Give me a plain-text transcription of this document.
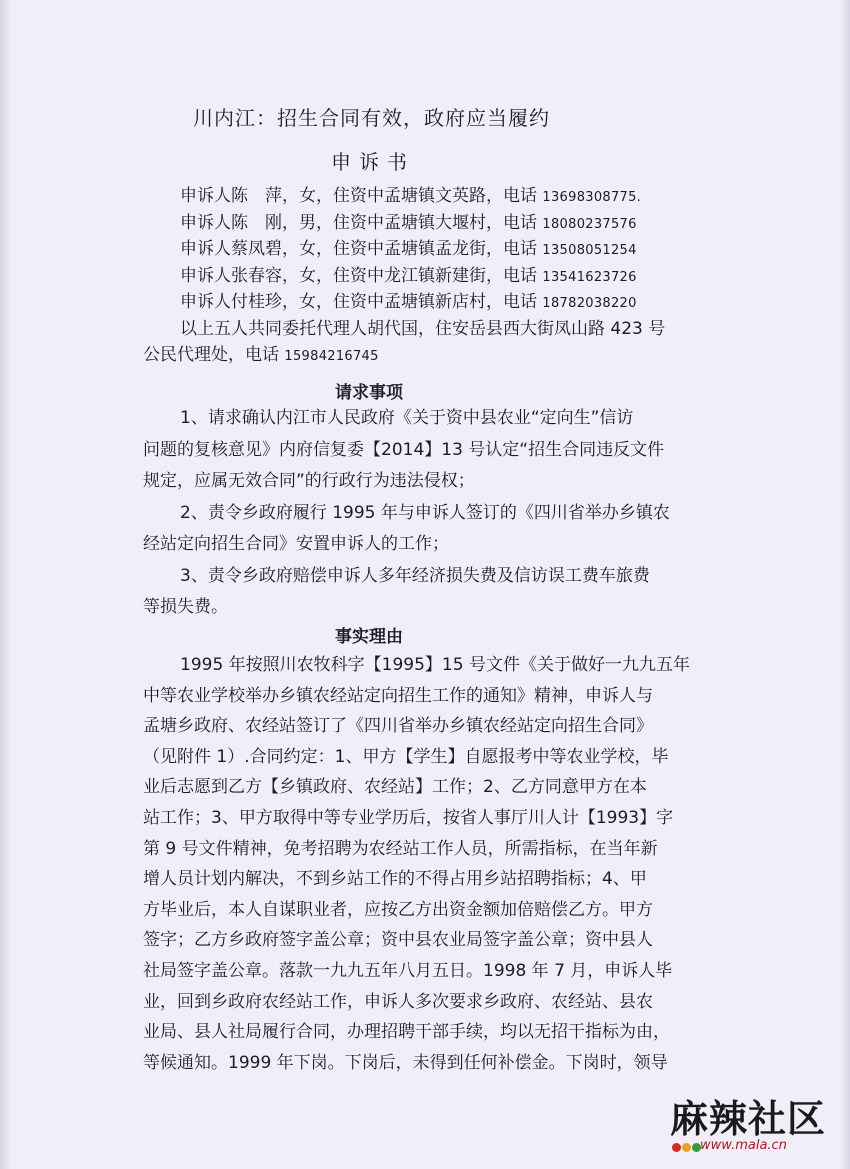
川内江：招生合同有效，政府应当履约
申诉书
申诉人陈　萍，女，住资中孟塘镇文英路，电话 13698308775.
申诉人陈　刚，男，住资中孟塘镇大堰村，电话 18080237576
申诉人蔡凤碧，女，住资中孟塘镇孟龙街，电话 13508051254
申诉人张春容，女，住资中龙江镇新建街，电话 13541623726
申诉人付桂珍，女，住资中孟塘镇新店村，电话 18782038220
以上五人共同委托代理人胡代国，住安岳县西大街凤山路 423 号
公民代理处，电话 15984216745
请求事项
1、请求确认内江市人民政府《关于资中县农业“定向生”信访
问题的复核意见》内府信复委【2014】13 号认定“招生合同违反文件
规定，应属无效合同”的行政行为违法侵权；
2、责令乡政府履行 1995 年与申诉人签订的《四川省举办乡镇农
经站定向招生合同》安置申诉人的工作；
3、责令乡政府赔偿申诉人多年经济损失费及信访误工费车旅费
等损失费。
事实理由
1995 年按照川农牧科字【1995】15 号文件《关于做好一九九五年
中等农业学校举办乡镇农经站定向招生工作的通知》精神，申诉人与
孟塘乡政府、农经站签订了《四川省举办乡镇农经站定向招生合同》
（见附件 1）.合同约定：1、甲方【学生】自愿报考中等农业学校，毕
业后志愿到乙方【乡镇政府、农经站】工作；2、乙方同意甲方在本
站工作；3、甲方取得中等专业学历后，按省人事厅川人计【1993】字
第 9 号文件精神，免考招聘为农经站工作人员，所需指标，在当年新
增人员计划内解决，不到乡站工作的不得占用乡站招聘指标；4、甲
方毕业后，本人自谋职业者，应按乙方出资金额加倍赔偿乙方。甲方
签字；乙方乡政府签字盖公章；资中县农业局签字盖公章；资中县人
社局签字盖公章。落款一九九五年八月五日。1998 年 7 月，申诉人毕
业，回到乡政府农经站工作，申诉人多次要求乡政府、农经站、县农
业局、县人社局履行合同，办理招聘干部手续，均以无招干指标为由，
等候通知。1999 年下岗。下岗后，未得到任何补偿金。下岗时，领导
麻辣社区
www.mala.cn
